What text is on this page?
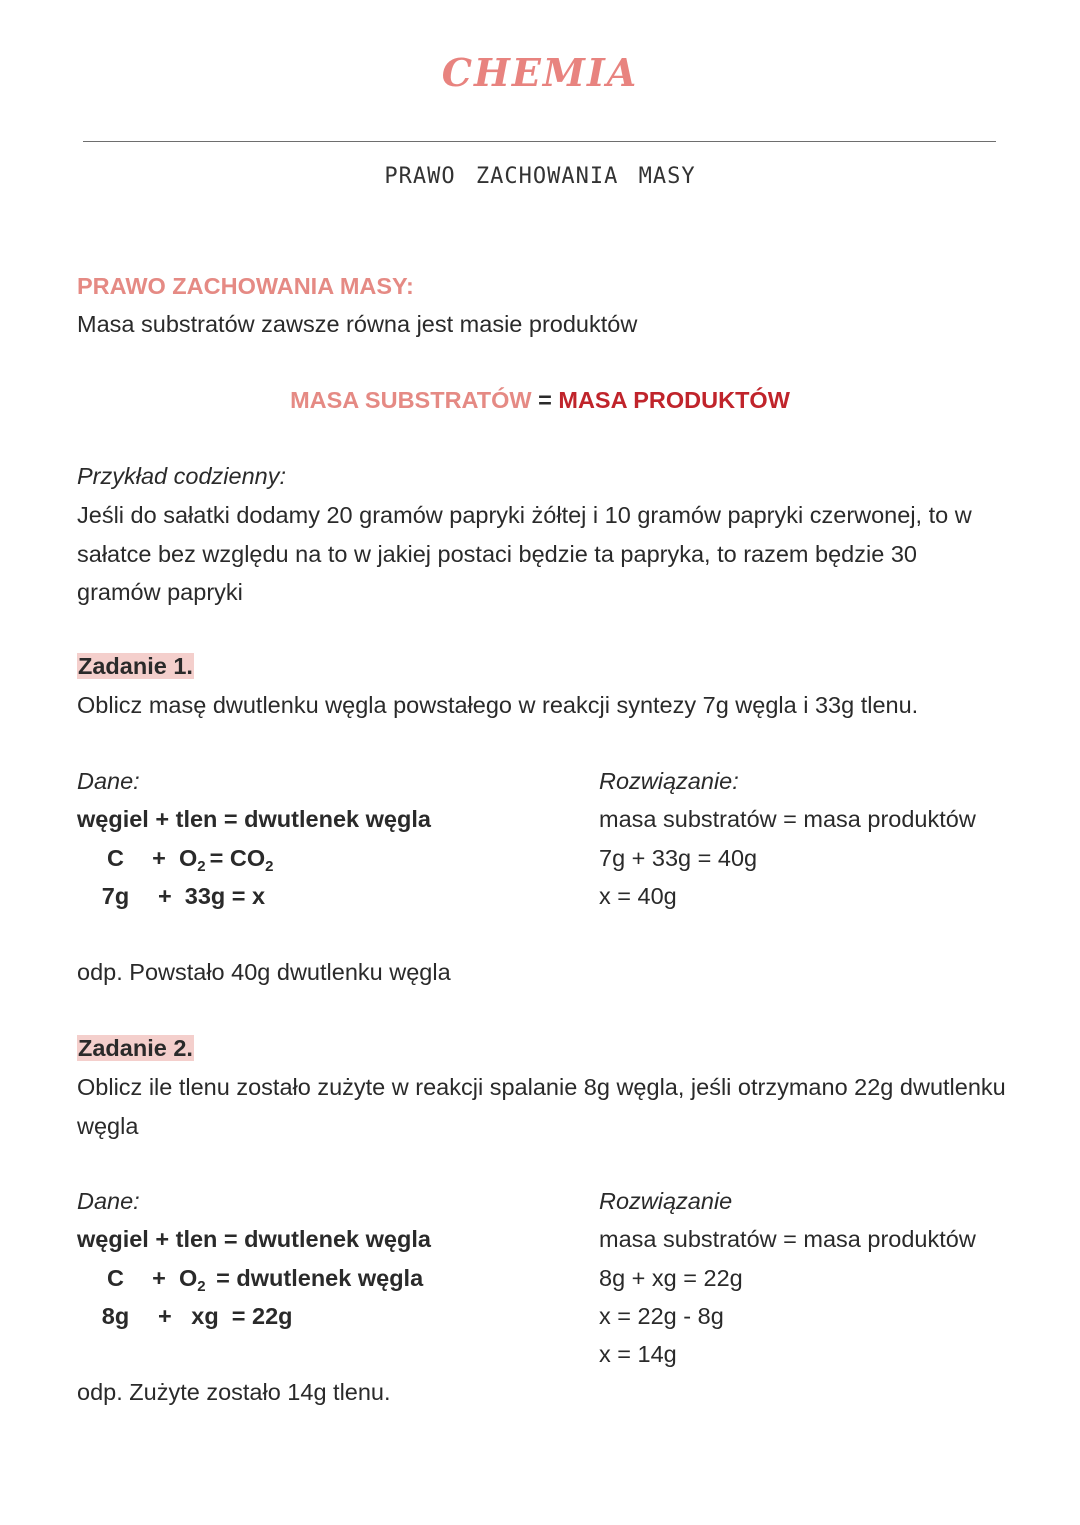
CHEMIA
PRAWO ZACHOWANIA MASY
PRAWO ZACHOWANIA MASY:
Masa substratów zawsze równa jest masie produktów
MASA SUBSTRATÓW = MASA PRODUKTÓW
Przykład codzienny:
Jeśli do sałatki dodamy 20 gramów papryki żółtej i 10 gramów papryki czerwonej, to w sałatce bez względu na to w jakiej postaci będzie ta papryka, to razem będzie 30 gramów papryki
Zadanie 1.
Oblicz masę dwutlenku węgla powstałego w reakcji syntezy 7g węgla i 33g tlenu.
Dane:
węgiel + tlen = dwutlenek węgla
C	+ $O_2 = CO_2$
7g	+  33g = x
Rozwiązanie:
masa substratów = masa produktów
7g + 33g = 40g
x = 40g
odp. Powstało 40g dwutlenku węgla
Zadanie 2.
Oblicz ile tlenu zostało zużyte w reakcji spalanie 8g węgla, jeśli otrzymano 22g dwutlenku węgla
Dane:
węgiel + tlen = dwutlenek węgla
C	+ $O_2$ = dwutlenek węgla
8g	+   xg  = 22g
Rozwiązanie
masa substratów = masa produktów
8g + xg = 22g
x = 22g - 8g
x = 14g
odp. Zużyte zostało 14g tlenu.
